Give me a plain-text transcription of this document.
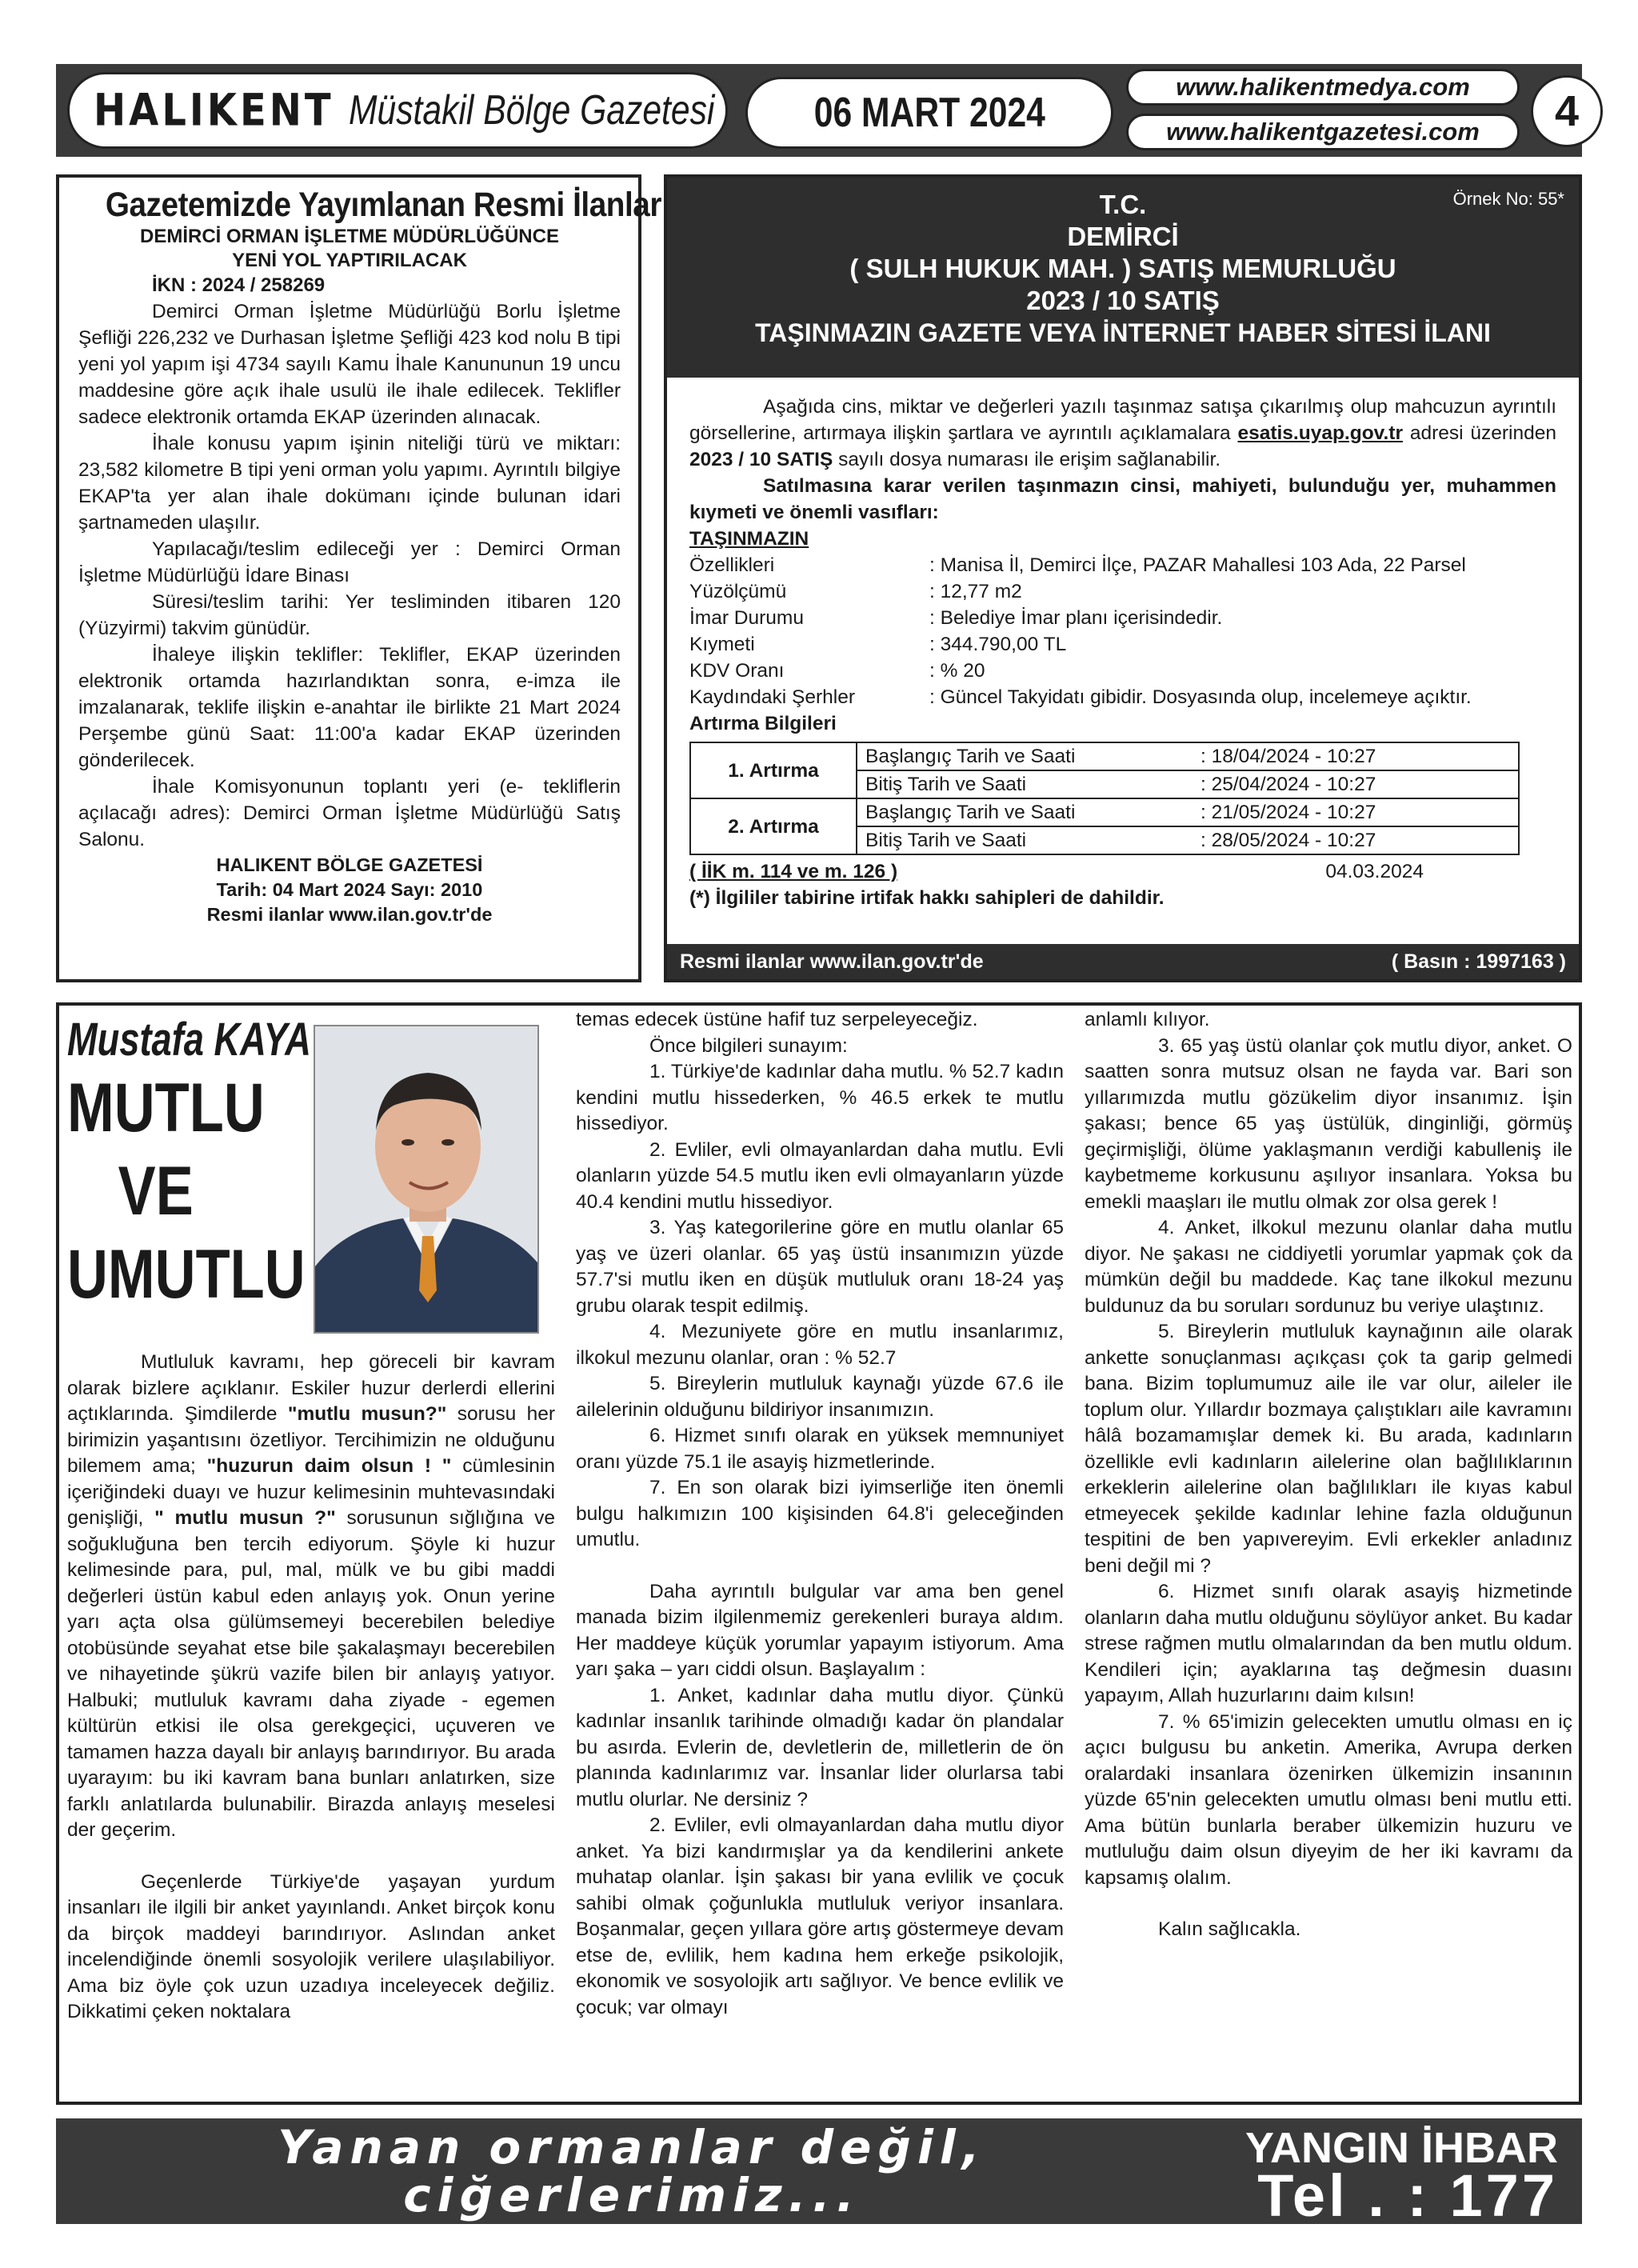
HALIKENT Müstakil Bölge Gazetesi 06 MART 2024
www.halikentmedya.com
www.halikentgazetesi.com	4
Gazetemizde Yayımlanan Resmi İlanlar
DEMİRCİ ORMAN İŞLETME MÜDÜRLÜĞÜNCE
YENİ YOL YAPTIRILACAK
İKN : 2024 / 258269

Demirci Orman İşletme Müdürlüğü Borlu İşletme Şefliği 226,232 ve Durhasan İşletme Şefliği 423 kod nolu B tipi yeni yol yapım işi 4734 sayılı Kamu İhale Kanununun 19 uncu maddesine göre açık ihale usulü ile ihale edilecek. Teklifler sadece elektronik ortamda EKAP üzerinden alınacak.

İhale konusu yapım işinin niteliği türü ve miktarı: 23,582 kilometre B tipi yeni orman yolu yapımı. Ayrıntılı bilgiye EKAP'ta yer alan ihale dokümanı içinde bulunan idari şartnameden ulaşılır.

Yapılacağı/teslim edileceği yer : Demirci Orman İşletme Müdürlüğü İdare Binası

Süresi/teslim tarihi: Yer tesliminden itibaren 120 (Yüzyirmi) takvim günüdür.

İhaleye ilişkin teklifler: Teklifler, EKAP üzerinden elektronik ortamda hazırlandıktan sonra, e-imza ile imzalanarak, teklife ilişkin e-anahtar ile birlikte 21 Mart 2024 Perşembe günü Saat: 11:00'a kadar EKAP üzerinden gönderilecek.

İhale Komisyonunun toplantı yeri (e- tekliflerin açılacağı adres): Demirci Orman İşletme Müdürlüğü Satış Salonu.

HALIKENT BÖLGE GAZETESİ
Tarih: 04 Mart 2024 Sayı: 2010
Resmi ilanlar www.ilan.gov.tr'de
Örnek No: 55*
T.C.
DEMİRCİ
( SULH HUKUK MAH. ) SATIŞ MEMURLUĞU
2023 / 10 SATIŞ
TAŞINMAZIN GAZETE VEYA İNTERNET HABER SİTESİ İLANI

Aşağıda cins, miktar ve değerleri yazılı taşınmaz satışa çıkarılmış olup mahcuzun ayrıntılı görsellerine, artırmaya ilişkin şartlara ve ayrıntılı açıklamalara esatis.uyap.gov.tr adresi üzerinden 2023 / 10 SATIŞ sayılı dosya numarası ile erişim sağlanabilir.

Satılmasına karar verilen taşınmazın cinsi, mahiyeti, bulunduğu yer, muhammen kıymeti ve önemli vasıfları:

TAŞINMAZIN
Özellikleri	: Manisa İl, Demirci İlçe, PAZAR Mahallesi 103 Ada, 22 Parsel
Yüzölçümü	: 12,77 m2
İmar Durumu	: Belediye İmar planı içerisindedir.
Kıymeti	: 344.790,00 TL
KDV Oranı	: % 20
Kaydındaki Şerhler	: Güncel Takyidatı gibidir. Dosyasında olup, incelemeye açıktır.
Artırma Bilgileri
1. Artırma	Başlangıç Tarih ve Saati	: 18/04/2024 - 10:27
	Bitiş Tarih ve Saati	: 25/04/2024 - 10:27
2. Artırma	Başlangıç Tarih ve Saati	: 21/05/2024 - 10:27
	Bitiş Tarih ve Saati	: 28/05/2024 - 10:27
( İİK m. 114 ve m. 126 )	04.03.2024
(*) İlgililer tabirine irtifak hakkı sahipleri de dahildir.
Resmi ilanlar www.ilan.gov.tr'de	( Basın : 1997163 )
Mustafa KAYA
MUTLU
VE
UMUTLU

Mutluluk kavramı, hep göreceli bir kavram olarak bizlere açıklanır. Eskiler huzur derlerdi ellerini açtıklarında. Şimdilerde "mutlu musun?" sorusu her birimizin yaşantısını özetliyor. Tercihimizin ne olduğunu bilemem ama; "huzurun daim olsun ! " cümlesinin içeriğindeki duayı ve huzur kelimesinin muhtevasındaki genişliği, " mutlu musun ?" sorusunun sığlığına ve soğukluğuna ben tercih ediyorum. Şöyle ki huzur kelimesinde para, pul, mal, mülk ve bu gibi maddi değerleri üstün kabul eden anlayış yok. Onun yerine yarı açta olsa gülümsemeyi becerebilen belediye otobüsünde seyahat etse bile şakalaşmayı becerebilen ve nihayetinde şükrü vazife bilen bir anlayış yatıyor. Halbuki; mutluluk kavramı daha ziyade - egemen kültürün etkisi ile olsa gerekgeçici, uçuveren ve tamamen hazza dayalı bir anlayış barındırıyor. Bu arada uyarayım: bu iki kavram bana bunları anlatırken, size farklı anlatılarda bulunabilir. Birazda anlayış meselesi der geçerim.

Geçenlerde Türkiye'de yaşayan yurdum insanları ile ilgili bir anket yayınlandı. Anket birçok konu da birçok maddeyi barındırıyor. Aslından anket incelendiğinde önemli sosyolojik verilere ulaşılabiliyor. Ama biz öyle çok uzun uzadıya inceleyecek değiliz. Dikkatimi çeken noktalara

temas edecek üstüne hafif tuz serpeleyeceğiz.

Önce bilgileri sunayım:

1. Türkiye'de kadınlar daha mutlu. % 52.7 kadın kendini mutlu hissederken, % 46.5 erkek te mutlu hissediyor.

2. Evliler, evli olmayanlardan daha mutlu. Evli olanların yüzde 54.5 mutlu iken evli olmayanların yüzde 40.4 kendini mutlu hissediyor.

3. Yaş kategorilerine göre en mutlu olanlar 65 yaş ve üzeri olanlar. 65 yaş üstü insanımızın yüzde 57.7'si mutlu iken en düşük mutluluk oranı 18-24 yaş grubu olarak tespit edilmiş.

4. Mezuniyete göre en mutlu insanlarımız, ilkokul mezunu olanlar, oran : % 52.7

5. Bireylerin mutluluk kaynağı yüzde 67.6 ile ailelerinin olduğunu bildiriyor insanımızın.

6. Hizmet sınıfı olarak en yüksek memnuniyet oranı yüzde 75.1 ile asayiş hizmetlerinde.

7. En son olarak bizi iyimserliğe iten önemli bulgu halkımızın 100 kişisinden 64.8'i geleceğinden umutlu.

Daha ayrıntılı bulgular var ama ben genel manada bizim ilgilenmemiz gerekenleri buraya aldım. Her maddeye küçük yorumlar yapayım istiyorum. Ama yarı şaka – yarı ciddi olsun. Başlayalım :

1. Anket, kadınlar daha mutlu diyor. Çünkü kadınlar insanlık tarihinde olmadığı kadar ön plandalar bu asırda. Evlerin de, devletlerin de, milletlerin de ön planında kadınlarımız var. İnsanlar lider olurlarsa tabi mutlu olurlar. Ne dersiniz ?

2. Evliler, evli olmayanlardan daha mutlu diyor anket. Ya bizi kandırmışlar ya da kendilerini ankete muhatap olanlar. İşin şakası bir yana evlilik ve çocuk sahibi olmak çoğunlukla mutluluk veriyor insanlara. Boşanmalar, geçen yıllara göre artış göstermeye devam etse de, evlilik, hem kadına hem erkeğe psikolojik, ekonomik ve sosyolojik artı sağlıyor. Ve bence evlilik ve çocuk; var olmayı

anlamlı kılıyor.

3. 65 yaş üstü olanlar çok mutlu diyor, anket. O saatten sonra mutsuz olsan ne fayda var. Bari son yıllarımızda mutlu gözükelim diyor insanımız. İşin şakası; bence 65 yaş üstülük, dinginliği, görmüş geçirmişliği, ölüme yaklaşmanın verdiği kabulleniş ile kaybetmeme korkusunu aşılıyor insanlara. Yoksa bu emekli maaşları ile mutlu olmak zor olsa gerek !

4. Anket, ilkokul mezunu olanlar daha mutlu diyor. Ne şakası ne ciddiyetli yorumlar yapmak çok da mümkün değil bu maddede. Kaç tane ilkokul mezunu buldunuz da bu soruları sordunuz bu veriye ulaştınız.

5. Bireylerin mutluluk kaynağının aile olarak ankette sonuçlanması açıkçası çok ta garip gelmedi bana. Bizim toplumumuz aile ile var olur, aileler ile toplum olur. Yıllardır bozmaya çalıştıkları aile kavramını hâlâ bozamamışlar demek ki. Bu arada, kadınların özellikle evli kadınların ailelerine olan bağlılıklarının erkeklerin ailelerine olan bağlılıkları ile kıyas kabul etmeyecek şekilde kadınlar lehine fazla olduğunun tespitini de ben yapıvereyim. Evli erkekler anladınız beni değil mi ?

6. Hizmet sınıfı olarak asayiş hizmetinde olanların daha mutlu olduğunu söylüyor anket. Bu kadar strese rağmen mutlu olmalarından da ben mutlu oldum. Kendileri için; ayaklarına taş değmesin duasını yapayım, Allah huzurlarını daim kılsın!

7. % 65'imizin gelecekten umutlu olması en iç açıcı bulgusu bu anketin. Amerika, Avrupa derken oralardaki insanlara özenirken ülkemizin insanının yüzde 65'nin gelecekten umutlu olması beni mutlu etti. Ama bütün bunlarla beraber ülkemizin huzuru ve mutluluğu daim olsun diyeyim de her iki kavramı da kapsamış olalım.

Kalın sağlıcakla.

Yanan ormanlar değil,
ciğerlerimiz...
YANGIN İHBAR
Tel . : 177
